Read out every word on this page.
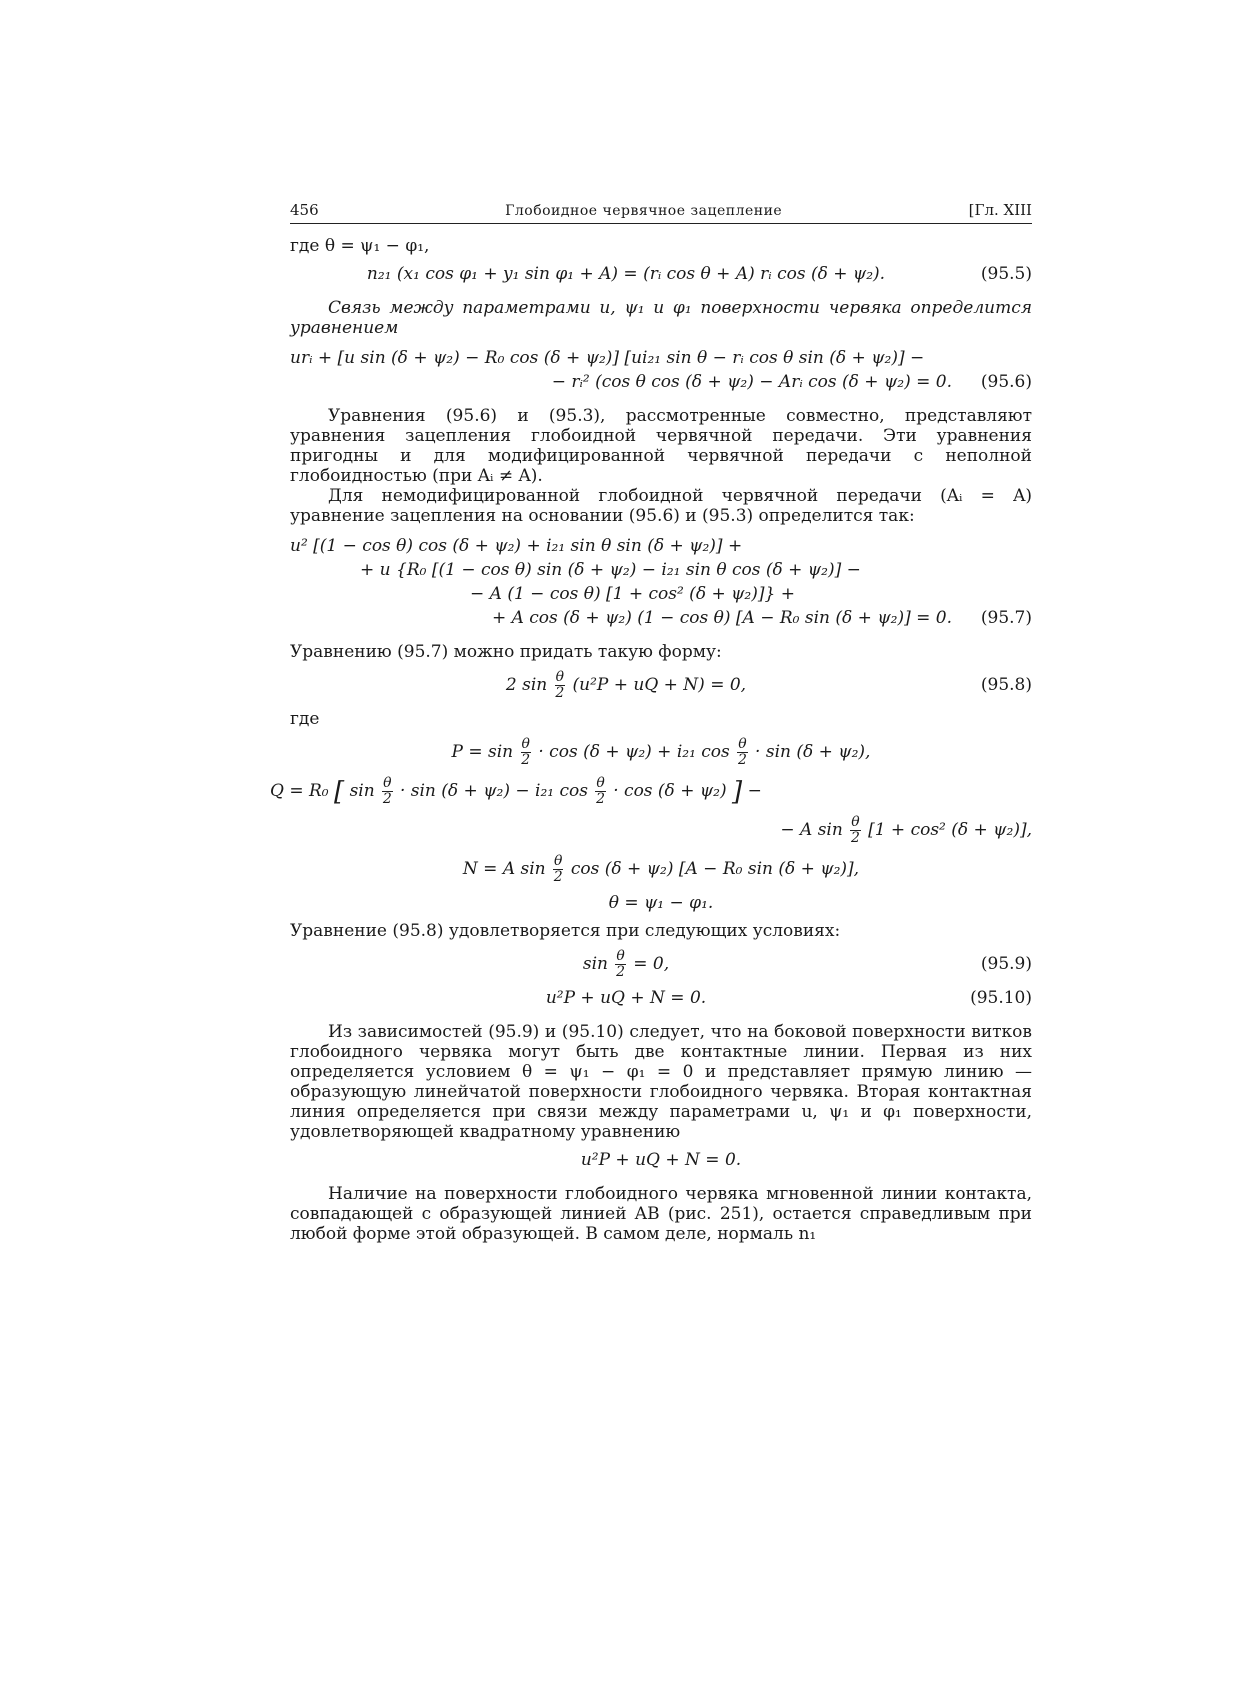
456	Глобоидное червячное зацепление	[Гл. XIII

где θ = ψ₁ − φ₁,

n₂₁ (x₁ cos φ₁ + y₁ sin φ₁ + A) = (rᵢ cos θ + A) rᵢ cos (δ + ψ₂).	(95.5)

Связь между параметрами u, ψ₁ и φ₁ поверхности червяка определится уравнением

urᵢ + [u sin (δ + ψ₂) − R₀ cos (δ + ψ₂)] [ui₂₁ sin θ − rᵢ cos θ sin (δ + ψ₂)] −
− rᵢ² (cos θ cos (δ + ψ₂) − Arᵢ cos (δ + ψ₂) = 0.	(95.6)

Уравнения (95.6) и (95.3), рассмотренные совместно, представляют уравнения зацепления глобоидной червячной передачи. Эти уравнения пригодны и для модифицированной червячной передачи с неполной глобоидностью (при Aᵢ ≠ A).

Для немодифицированной глобоидной червячной передачи (Aᵢ = A) уравнение зацепления на основании (95.6) и (95.3) определится так:

u² [(1 − cos θ) cos (δ + ψ₂) + i₂₁ sin θ sin (δ + ψ₂)] +
+ u {R₀ [(1 − cos θ) sin (δ + ψ₂) − i₂₁ sin θ cos (δ + ψ₂)] −
− A (1 − cos θ) [1 + cos² (δ + ψ₂)]} +
+ A cos (δ + ψ₂) (1 − cos θ) [A − R₀ sin (δ + ψ₂)] = 0.	(95.7)

Уравнению (95.7) можно придать такую форму:

2 $\sin \frac{\theta}{2} (u^2P$ + uQ + N) = 0,	(95.8)

где

$P = \sin \frac{\theta}{2} \cdot \cos (\delta + \psi_2) + i_{21}$ $\cos \frac{\theta}{2} \cdot \sin (\delta + \psi_2)$,
Q = R₀ [ $\sin \frac{\theta}{2} \cdot \sin (\delta + \psi_2) - i_{21}$ $\cos \frac{\theta}{2} \cdot \cos (\delta + \psi_2)$ ] −
− A $\sin \frac{\theta}{2} [1 + \cos^2$ (δ + ψ₂)],
N = A $\sin \frac{\theta}{2}$ cos (δ + ψ₂) [A − R₀ sin (δ + ψ₂)],
θ = ψ₁ − φ₁.

Уравнение (95.8) удовлетворяется при следующих условиях:

$\sin \frac{\theta}{2} = 0$,	(95.9)
u²P + uQ + N = 0.	(95.10)

Из зависимостей (95.9) и (95.10) следует, что на боковой поверхности витков глобоидного червяка могут быть две контактные линии. Первая из них определяется условием θ = ψ₁ − φ₁ = 0 и представляет прямую линию — образующую линейчатой поверхности глобоидного червяка. Вторая контактная линия определяется при связи между параметрами u, ψ₁ и φ₁ поверхности, удовлетворяющей квадратному уравнению

u²P + uQ + N = 0.

Наличие на поверхности глобоидного червяка мгновенной линии контакта, совпадающей с образующей линией AB (рис. 251), остается справедливым при любой форме этой образующей. В самом деле, нормаль n₁
